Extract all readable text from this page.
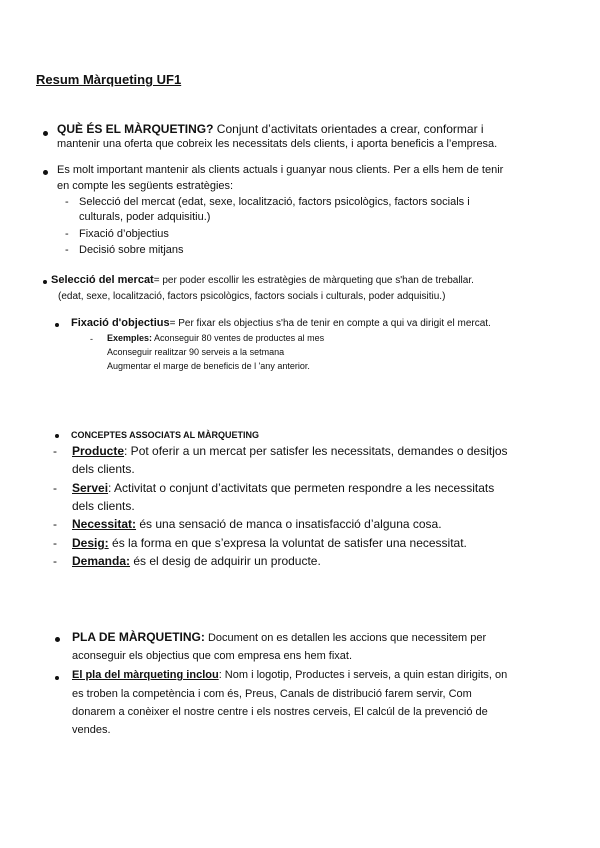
Resum Màrqueting UF1
QUÈ ÉS EL MÀRQUETING? Conjunt d’activitats orientades a crear, conformar i
mantenir una oferta que cobreix les necessitats dels clients, i aporta beneficis a l’empresa.
Es molt important mantenir als clients actuals i guanyar nous clients. Per a ells hem de tenir
en compte les següents estratègies:
- Selecció del mercat (edat, sexe, localització, factors psicològics, factors socials i
culturals, poder adquisitiu.)
- Fixació d’objectius
- Decisió sobre mitjans
Selecció del mercat= per poder escollir les estratègies de màrqueting que s'han de treballar.
(edat, sexe, localització, factors psicològics, factors socials i culturals, poder adquisitiu.)
Fixació d'objectius= Per fixar els objectius s'ha de tenir en compte a qui va dirigit el mercat.
- Exemples: Aconseguir 80 ventes de productes al mes
Aconseguir realitzar 90 serveis a la setmana
Augmentar el marge de beneficis de l 'any anterior.
CONCEPTES ASSOCIATS AL MÀRQUETING
- Producte: Pot oferir a un mercat per satisfer les necessitats, demandes o desitjos
dels clients.
- Servei: Activitat o conjunt d’activitats que permeten respondre a les necessitats
dels clients.
- Necessitat: és una sensació de manca o insatisfacció d’alguna cosa.
- Desig: és la forma en que s’expresa la voluntat de satisfer una necessitat.
- Demanda: és el desig de adquirir un producte.
PLA DE MÀRQUETING: Document on es detallen les accions que necessitem per
aconseguir els objectius que com empresa ens hem fixat.
El pla del màrqueting inclou: Nom i logotip, Productes i serveis, a quin estan dirigits, on
es troben la competència i com és, Preus, Canals de distribució farem servir, Com
donarem a conèixer el nostre centre i els nostres cerveis, El calcúl de la prevenció de
vendes.
